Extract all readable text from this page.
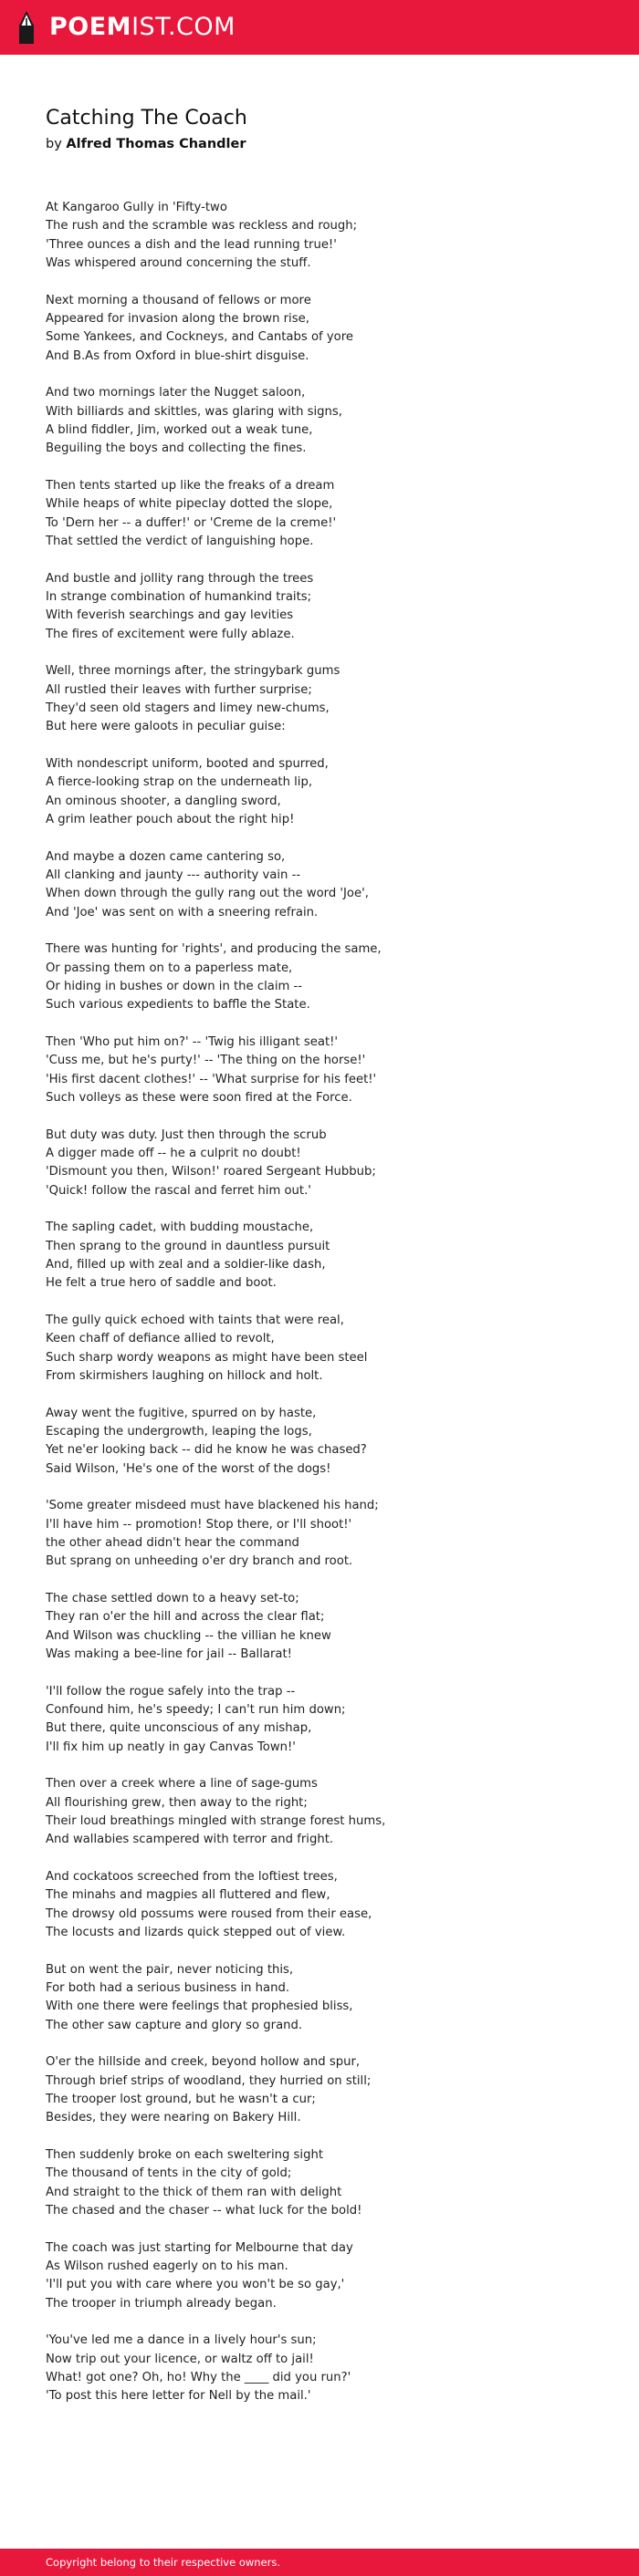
POEMIST.COM
Catching The Coach
by Alfred Thomas Chandler
At Kangaroo Gully in 'Fifty-two
The rush and the scramble was reckless and rough;
'Three ounces a dish and the lead running true!'
Was whispered around concerning the stuff.
Next morning a thousand of fellows or more
Appeared for invasion along the brown rise,
Some Yankees, and Cockneys, and Cantabs of yore
And B.As from Oxford in blue-shirt disguise.
And two mornings later the Nugget saloon,
With billiards and skittles, was glaring with signs,
A blind fiddler, Jim, worked out a weak tune,
Beguiling the boys and collecting the fines.
Then tents started up like the freaks of a dream
While heaps of white pipeclay dotted the slope,
To 'Dern her -- a duffer!' or 'Creme de la creme!'
That settled the verdict of languishing hope.
And bustle and jollity rang through the trees
In strange combination of humankind traits;
With feverish searchings and gay levities
The fires of excitement were fully ablaze.
Well, three mornings after, the stringybark gums
All rustled their leaves with further surprise;
They'd seen old stagers and limey new-chums,
But here were galoots in peculiar guise:
With nondescript uniform, booted and spurred,
A fierce-looking strap on the underneath lip,
An ominous shooter, a dangling sword,
A grim leather pouch about the right hip!
And maybe a dozen came cantering so,
All clanking and jaunty --- authority vain --
When down through the gully rang out the word 'Joe',
And 'Joe' was sent on with a sneering refrain.
There was hunting for 'rights', and producing the same,
Or passing them on to a paperless mate,
Or hiding in bushes or down in the claim --
Such various expedients to baffle the State.
Then 'Who put him on?' -- 'Twig his illigant seat!'
'Cuss me, but he's purty!' -- 'The thing on the horse!'
'His first dacent clothes!' -- 'What surprise for his feet!'
Such volleys as these were soon fired at the Force.
But duty was duty. Just then through the scrub
A digger made off -- he a culprit no doubt!
'Dismount you then, Wilson!' roared Sergeant Hubbub;
'Quick! follow the rascal and ferret him out.'
The sapling cadet, with budding moustache,
Then sprang to the ground in dauntless pursuit
And, filled up with zeal and a soldier-like dash,
He felt a true hero of saddle and boot.
The gully quick echoed with taints that were real,
Keen chaff of defiance allied to revolt,
Such sharp wordy weapons as might have been steel
From skirmishers laughing on hillock and holt.
Away went the fugitive, spurred on by haste,
Escaping the undergrowth, leaping the logs,
Yet ne'er looking back -- did he know he was chased?
Said Wilson, 'He's one of the worst of the dogs!
'Some greater misdeed must have blackened his hand;
I'll have him -- promotion! Stop there, or I'll shoot!'
the other ahead didn't hear the command
But sprang on unheeding o'er dry branch and root.
The chase settled down to a heavy set-to;
They ran o'er the hill and across the clear flat;
And Wilson was chuckling -- the villian he knew
Was making a bee-line for jail -- Ballarat!
'I'll follow the rogue safely into the trap --
Confound him, he's speedy; I can't run him down;
But there, quite unconscious of any mishap,
I'll fix him up neatly in gay Canvas Town!'
Then over a creek where a line of sage-gums
All flourishing grew, then away to the right;
Their loud breathings mingled with strange forest hums,
And wallabies scampered with terror and fright.
And cockatoos screeched from the loftiest trees,
The minahs and magpies all fluttered and flew,
The drowsy old possums were roused from their ease,
The locusts and lizards quick stepped out of view.
But on went the pair, never noticing this,
For both had a serious business in hand.
With one there were feelings that prophesied bliss,
The other saw capture and glory so grand.
O'er the hillside and creek, beyond hollow and spur,
Through brief strips of woodland, they hurried on still;
The trooper lost ground, but he wasn't a cur;
Besides, they were nearing on Bakery Hill.
Then suddenly broke on each sweltering sight
The thousand of tents in the city of gold;
And straight to the thick of them ran with delight
The chased and the chaser -- what luck for the bold!
The coach was just starting for Melbourne that day
As Wilson rushed eagerly on to his man.
'I'll put you with care where you won't be so gay,'
The trooper in triumph already began.
'You've led me a dance in a lively hour's sun;
Now trip out your licence, or waltz off to jail!
What! got one? Oh, ho! Why the ____ did you run?'
'To post this here letter for Nell by the mail.'
Copyright belong to their respective owners.
